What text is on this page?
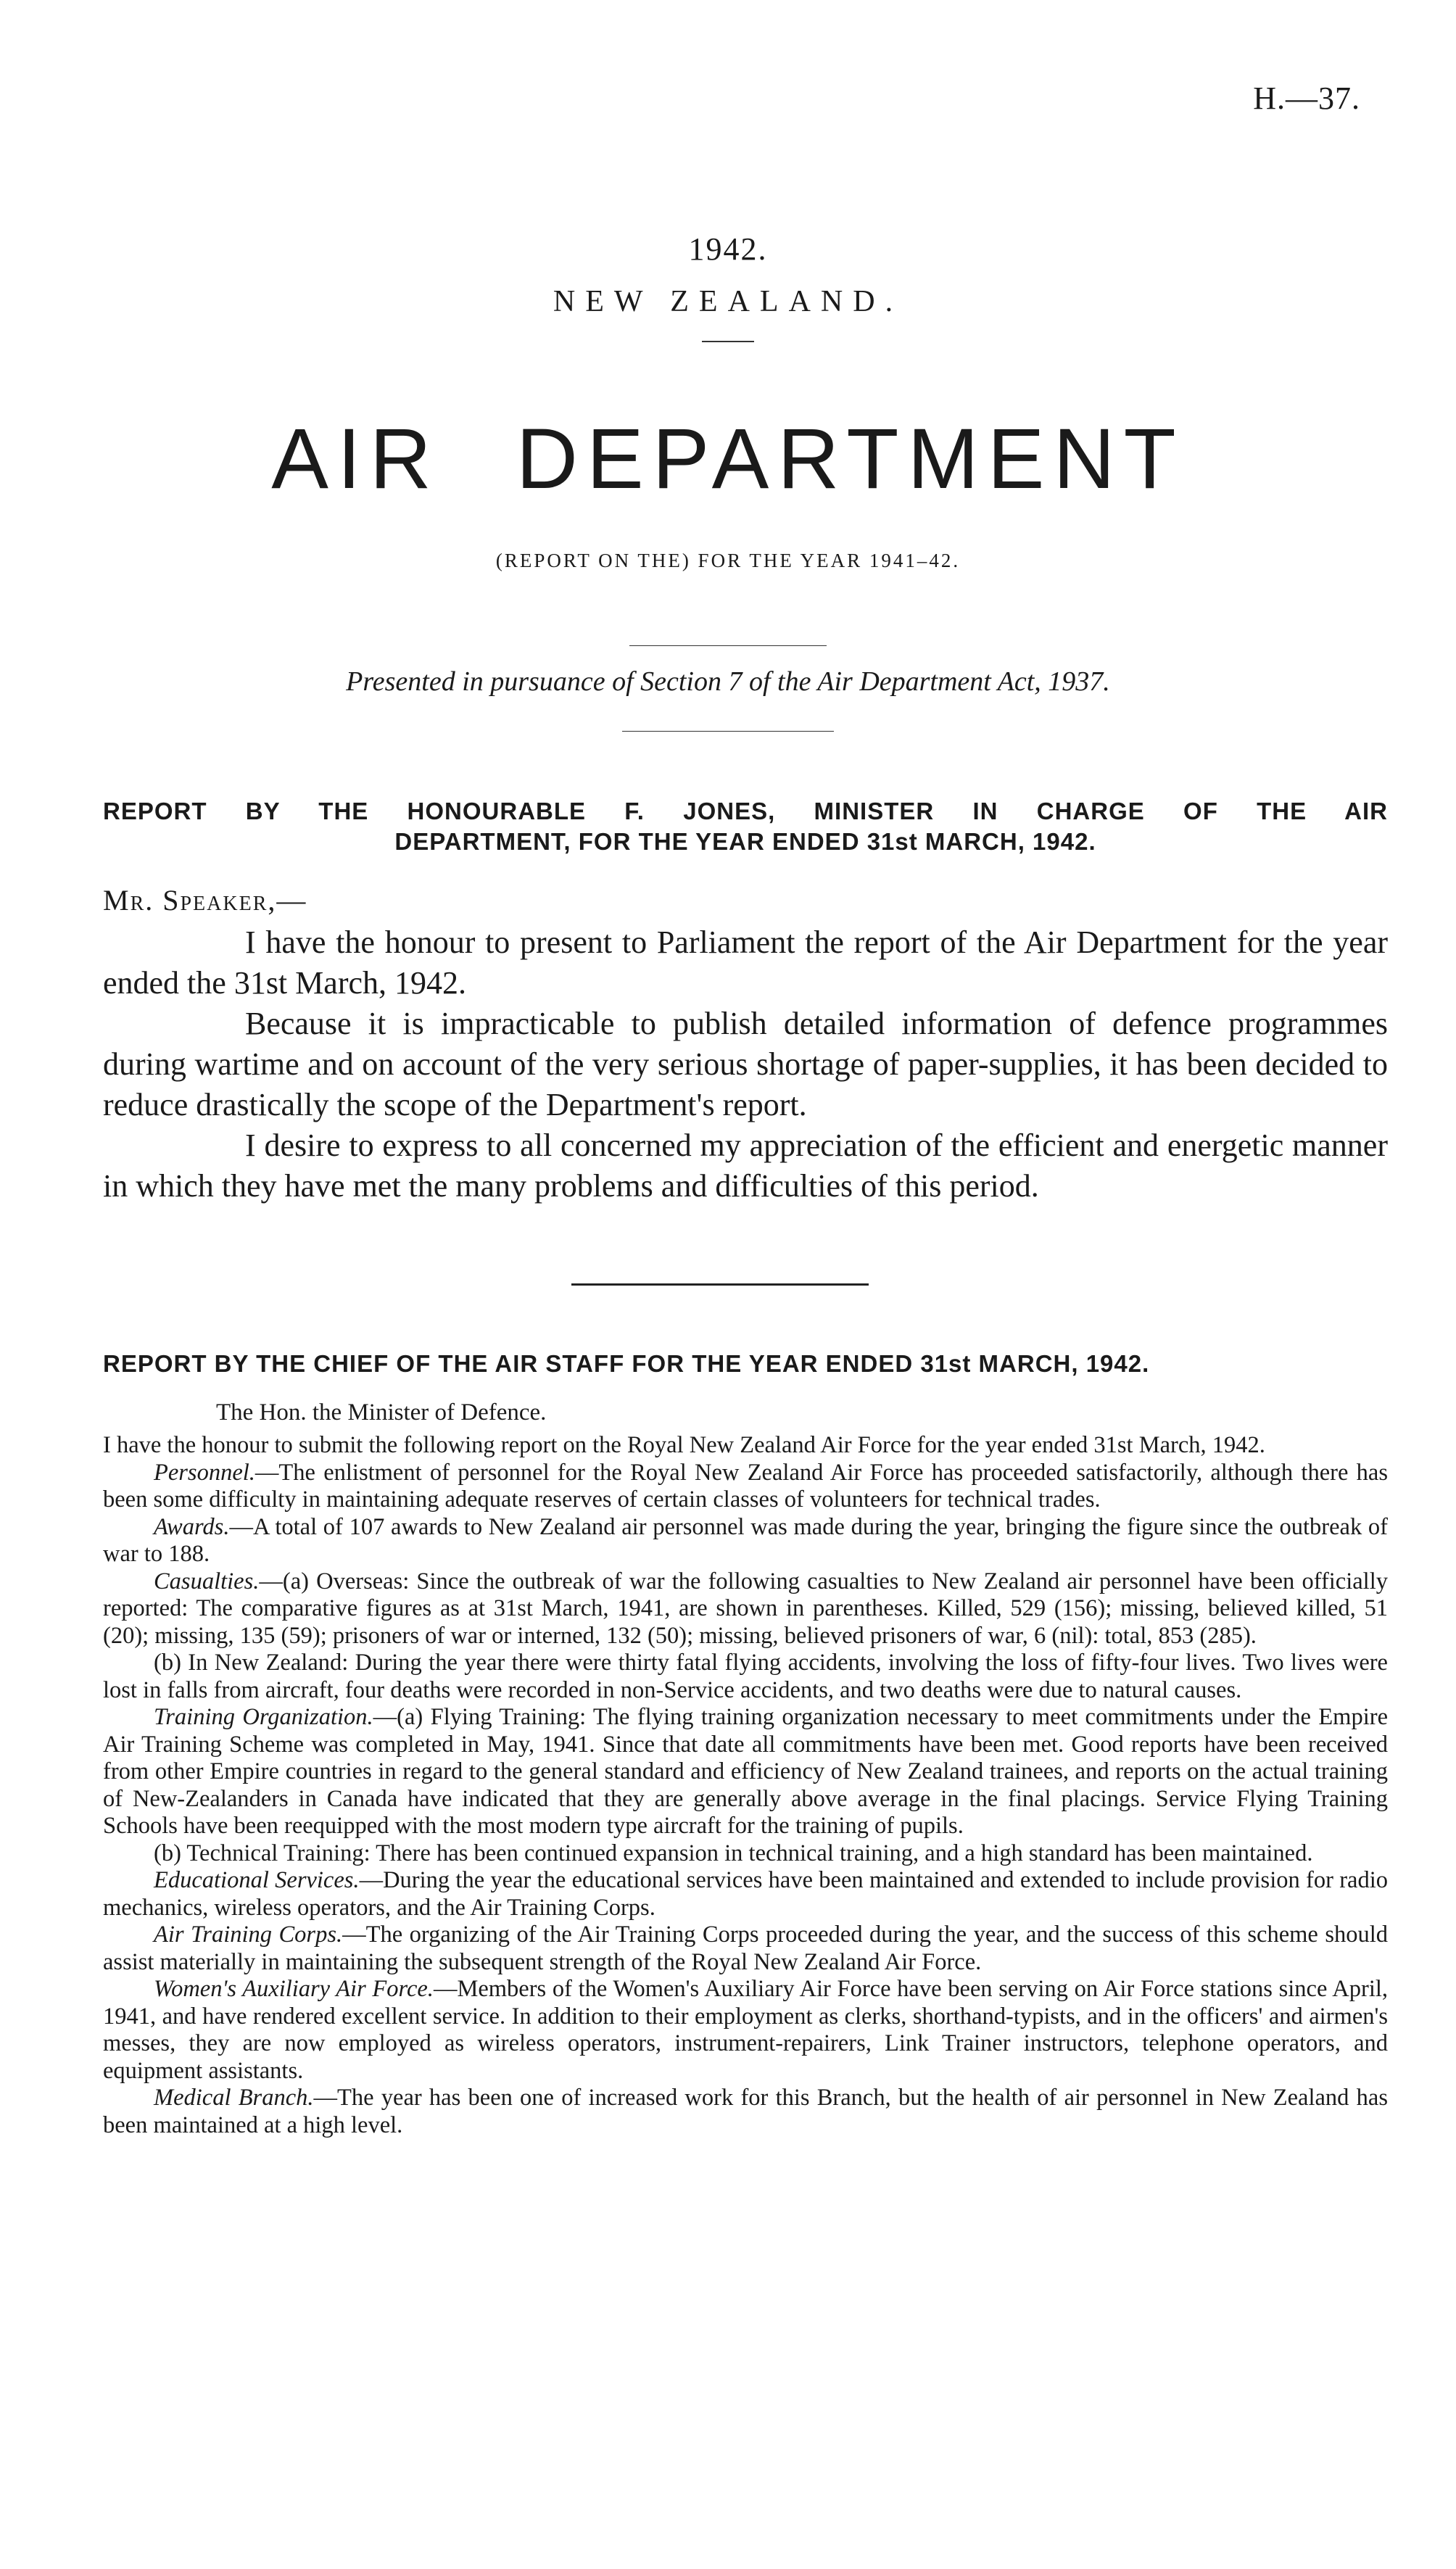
H.—37.
1942.
NEW ZEALAND.
AIR DEPARTMENT
(REPORT ON THE) FOR THE YEAR 1941–42.
Presented in pursuance of Section 7 of the Air Department Act, 1937.
REPORT BY THE HONOURABLE F. JONES, MINISTER IN CHARGE OF THE AIR
DEPARTMENT, FOR THE YEAR ENDED 31st MARCH, 1942.
Mr. Speaker,—

I have the honour to present to Parliament the report of the Air Department for the year ended the 31st March, 1942.

Because it is impracticable to publish detailed information of defence programmes during wartime and on account of the very serious shortage of paper-supplies, it has been decided to reduce drastically the scope of the Department's report.

I desire to express to all concerned my appreciation of the efficient and energetic manner in which they have met the many problems and difficulties of this period.

REPORT BY THE CHIEF OF THE AIR STAFF FOR THE YEAR ENDED 31st MARCH, 1942.
The Hon. the Minister of Defence.

I have the honour to submit the following report on the Royal New Zealand Air Force for the year ended 31st March, 1942.

Personnel.—The enlistment of personnel for the Royal New Zealand Air Force has proceeded satisfactorily, although there has been some difficulty in maintaining adequate reserves of certain classes of volunteers for technical trades.

Awards.—A total of 107 awards to New Zealand air personnel was made during the year, bringing the figure since the outbreak of war to 188.

Casualties.—(a) Overseas: Since the outbreak of war the following casualties to New Zealand air personnel have been officially reported: The comparative figures as at 31st March, 1941, are shown in parentheses. Killed, 529 (156); missing, believed killed, 51 (20); missing, 135 (59); prisoners of war or interned, 132 (50); missing, believed prisoners of war, 6 (nil): total, 853 (285).

(b) In New Zealand: During the year there were thirty fatal flying accidents, involving the loss of fifty-four lives. Two lives were lost in falls from aircraft, four deaths were recorded in non-Service accidents, and two deaths were due to natural causes.

Training Organization.—(a) Flying Training: The flying training organization necessary to meet commitments under the Empire Air Training Scheme was completed in May, 1941. Since that date all commitments have been met. Good reports have been received from other Empire countries in regard to the general standard and efficiency of New Zealand trainees, and reports on the actual training of New-Zealanders in Canada have indicated that they are generally above average in the final placings. Service Flying Training Schools have been reequipped with the most modern type aircraft for the training of pupils.

(b) Technical Training: There has been continued expansion in technical training, and a high standard has been maintained.

Educational Services.—During the year the educational services have been maintained and extended to include provision for radio mechanics, wireless operators, and the Air Training Corps.

Air Training Corps.—The organizing of the Air Training Corps proceeded during the year, and the success of this scheme should assist materially in maintaining the subsequent strength of the Royal New Zealand Air Force.

Women's Auxiliary Air Force.—Members of the Women's Auxiliary Air Force have been serving on Air Force stations since April, 1941, and have rendered excellent service. In addition to their employment as clerks, shorthand-typists, and in the officers' and airmen's messes, they are now employed as wireless operators, instrument-repairers, Link Trainer instructors, telephone operators, and equipment assistants.

Medical Branch.—The year has been one of increased work for this Branch, but the health of air personnel in New Zealand has been maintained at a high level.
